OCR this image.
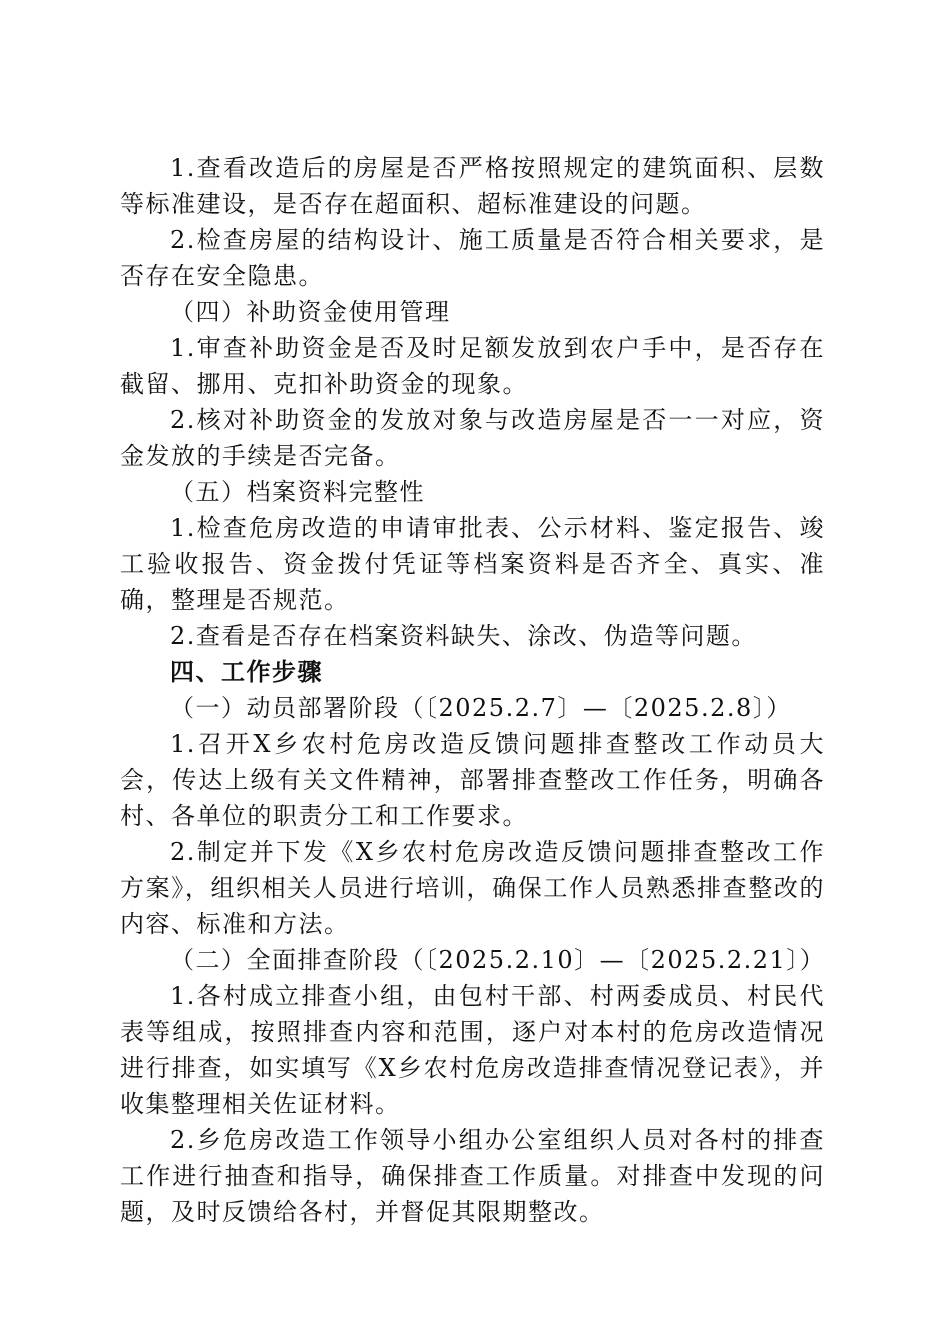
1.查看改造后的房屋是否严格按照规定的建筑面积、层数等标准建设，是否存在超面积、超标准建设的问题。

2.检查房屋的结构设计、施工质量是否符合相关要求，是否存在安全隐患。

（四）补助资金使用管理

1.审查补助资金是否及时足额发放到农户手中，是否存在截留、挪用、克扣补助资金的现象。

2.核对补助资金的发放对象与改造房屋是否一一对应，资金发放的手续是否完备。

（五）档案资料完整性

1.检查危房改造的申请审批表、公示材料、鉴定报告、竣工验收报告、资金拨付凭证等档案资料是否齐全、真实、准确，整理是否规范。

2.查看是否存在档案资料缺失、涂改、伪造等问题。

四、工作步骤

（一）动员部署阶段（〔2025.2.7〕—〔2025.2.8〕）

1.召开X乡农村危房改造反馈问题排查整改工作动员大会，传达上级有关文件精神，部署排查整改工作任务，明确各村、各单位的职责分工和工作要求。

2.制定并下发《X乡农村危房改造反馈问题排查整改工作方案》，组织相关人员进行培训，确保工作人员熟悉排查整改的内容、标准和方法。

（二）全面排查阶段（〔2025.2.10〕—〔2025.2.21〕）

1.各村成立排查小组，由包村干部、村两委成员、村民代表等组成，按照排查内容和范围，逐户对本村的危房改造情况进行排查，如实填写《X乡农村危房改造排查情况登记表》，并收集整理相关佐证材料。

2.乡危房改造工作领导小组办公室组织人员对各村的排查工作进行抽查和指导，确保排查工作质量。对排查中发现的问题，及时反馈给各村，并督促其限期整改。
